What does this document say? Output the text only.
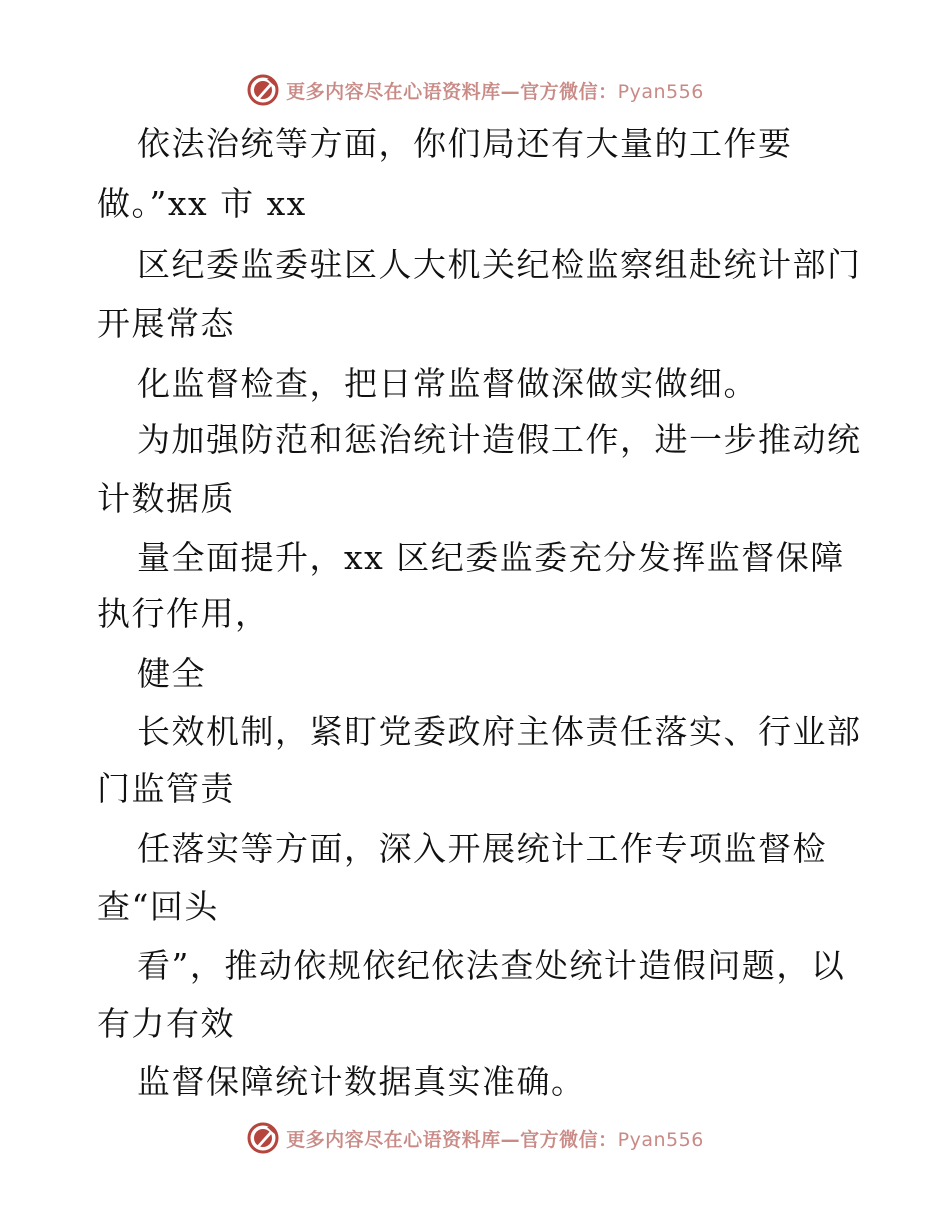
更多内容尽在心语资料库—官方微信：Pyan556
依法治统等方面，你们局还有大量的工作要
做。”xx 市 xx
区纪委监委驻区人大机关纪检监察组赴统计部门
开展常态
化监督检查，把日常监督做深做实做细。
为加强防范和惩治统计造假工作，进一步推动统
计数据质
量全面提升，xx 区纪委监委充分发挥监督保障
执行作用，
健全
长效机制，紧盯党委政府主体责任落实、行业部
门监管责
任落实等方面，深入开展统计工作专项监督检
查“回头
看”，推动依规依纪依法查处统计造假问题，以
有力有效
监督保障统计数据真实准确。
更多内容尽在心语资料库—官方微信：Pyan556
